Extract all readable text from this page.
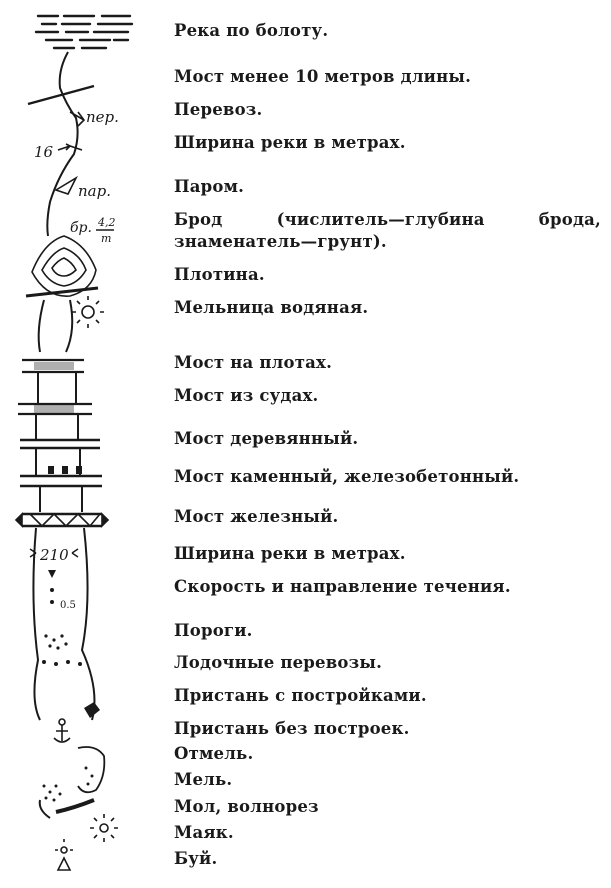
пер.
16
пар.
бр. 4,2
т
210
0.5
Река по болоту.
Мост менее 10 метров длины.
Перевоз.
Ширина реки в метрах.
Паром.
Брод (числитель—глубина брода, знаменатель—грунт).
Плотина.
Мельница водяная.
Мост на плотах.
Мост из судах.
Мост деревянный.
Мост каменный, железобетонный.
Мост железный.
Ширина реки в метрах.
Скорость и направление течения.
Пороги.
Лодочные перевозы.
Пристань с постройками.
Пристань без построек.
Отмель.
Мель.
Мол, волнорез
Маяк.
Буй.
